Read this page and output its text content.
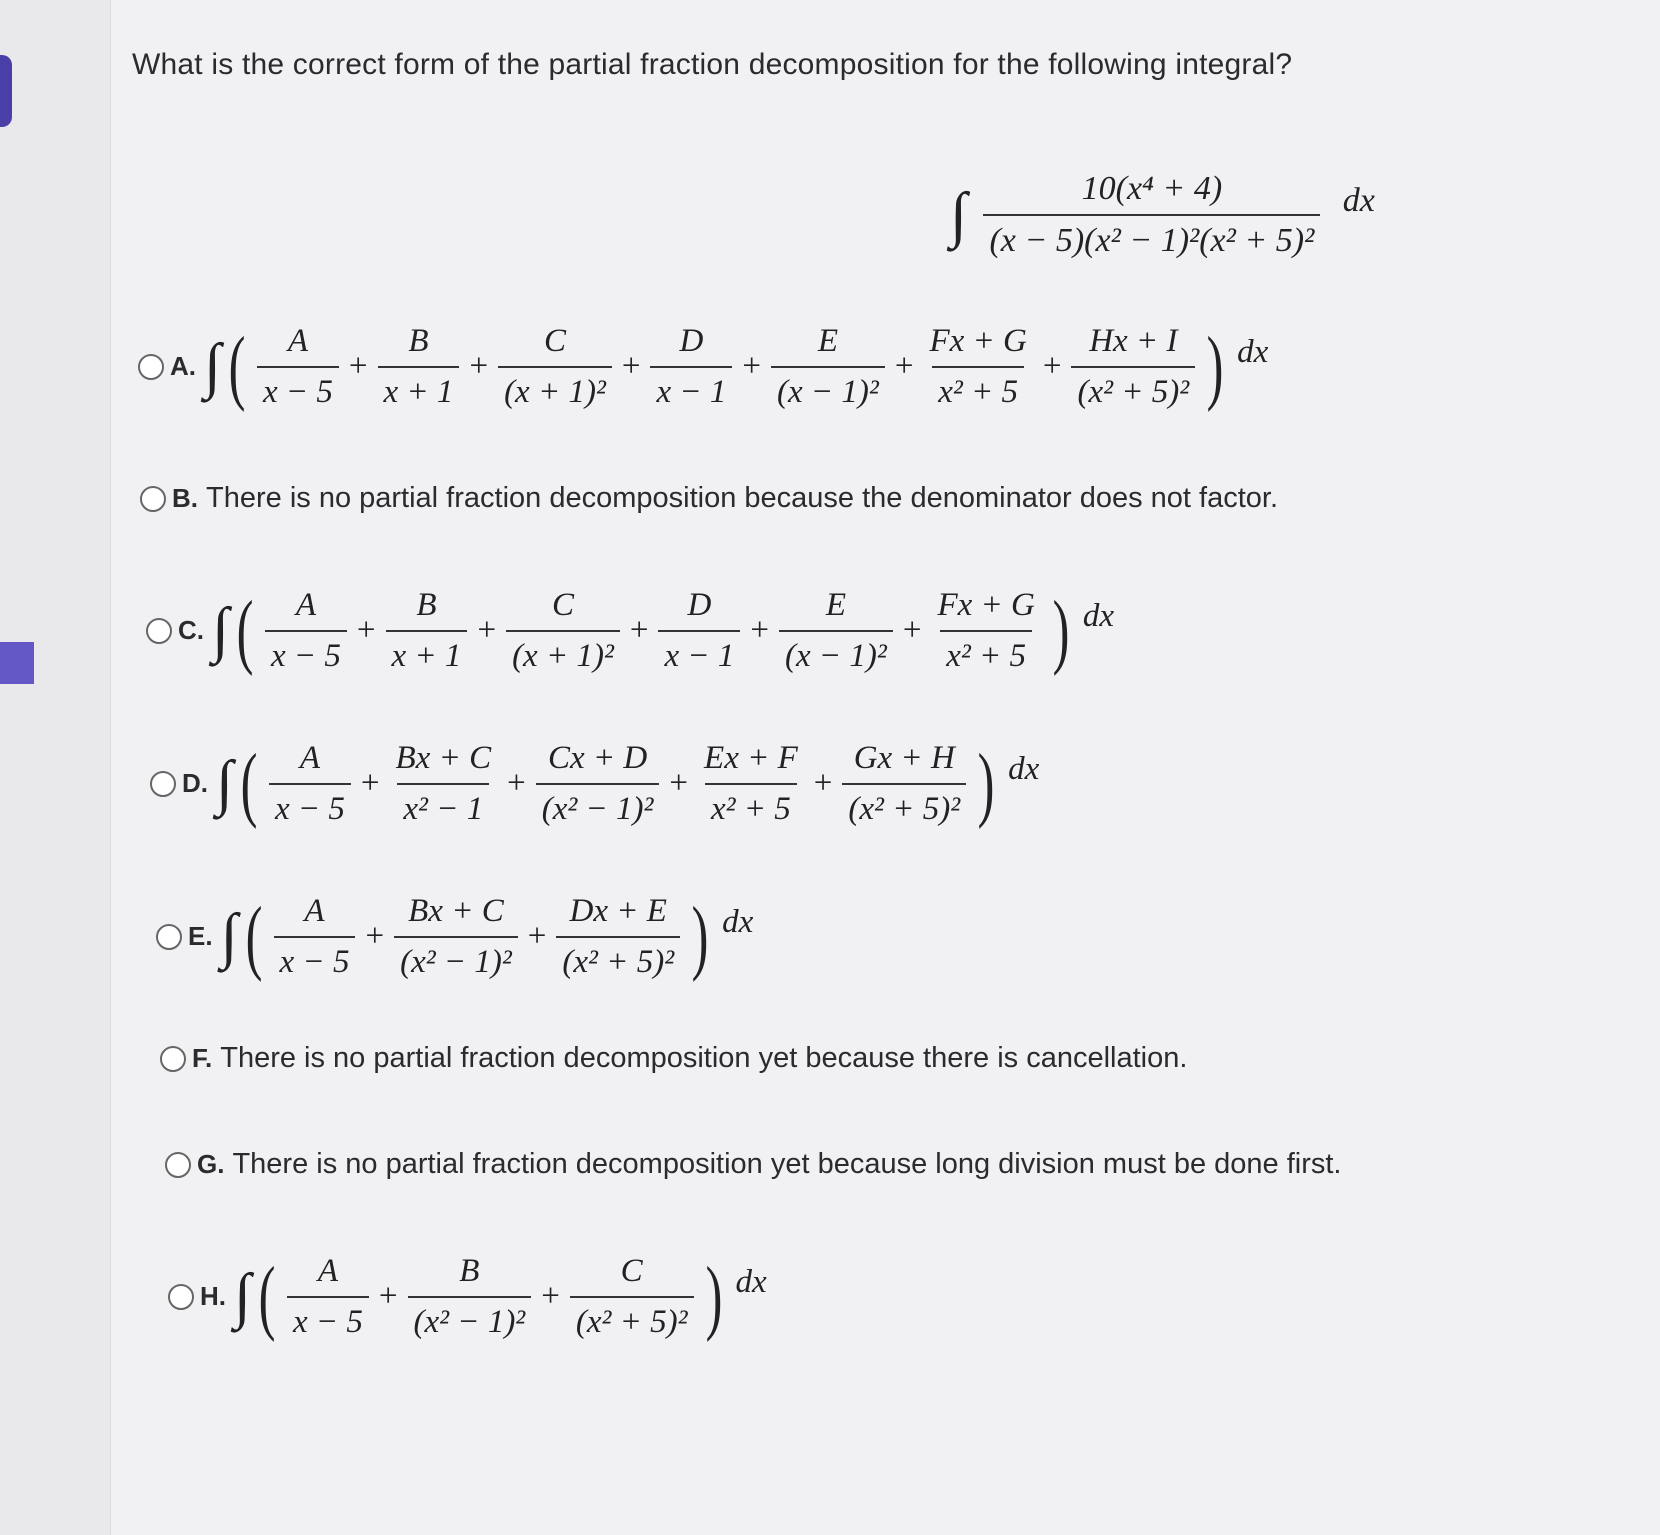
What is the correct form of the partial fraction decomposition for the following integral?
∫ $\frac{\text{10(x⁴ + 4)}}{\text{(x − 5)(x² − 1)²(x² + 5)²}}$ dx
A. ∫( $\frac{A}{x - 5} + \frac{B}{x + 1} + \frac{C}{\text{(x + 1)²}} + \frac{D}{x - 1} + \frac{E}{\text{(x − 1)²}} + \frac{Fx + G}{\text{x² + 5}} + \frac{Hx + I}{\text{(x² + 5)²}}$ ) dx
B. There is no partial fraction decomposition because the denominator does not factor.
C. ∫( $\frac{A}{x - 5} + \frac{B}{x + 1} + \frac{C}{\text{(x + 1)²}} + \frac{D}{x - 1} + \frac{E}{\text{(x − 1)²}} + \frac{Fx + G}{\text{x² + 5}}$ ) dx
D. ∫( $\frac{A}{x - 5} + \frac{Bx + C}{\text{x² − 1}} + \frac{Cx + D}{\text{(x² − 1)²}} + \frac{Ex + F}{\text{x² + 5}} + \frac{Gx + H}{\text{(x² + 5)²}}$ ) dx
E. ∫( $\frac{A}{x - 5} + \frac{Bx + C}{\text{(x² − 1)²}} + \frac{Dx + E}{\text{(x² + 5)²}}$ ) dx
F. There is no partial fraction decomposition yet because there is cancellation.
G. There is no partial fraction decomposition yet because long division must be done first.
H. ∫( $\frac{A}{x - 5} + \frac{B}{\text{(x² − 1)²}} + \frac{C}{\text{(x² + 5)²}}$ ) dx
